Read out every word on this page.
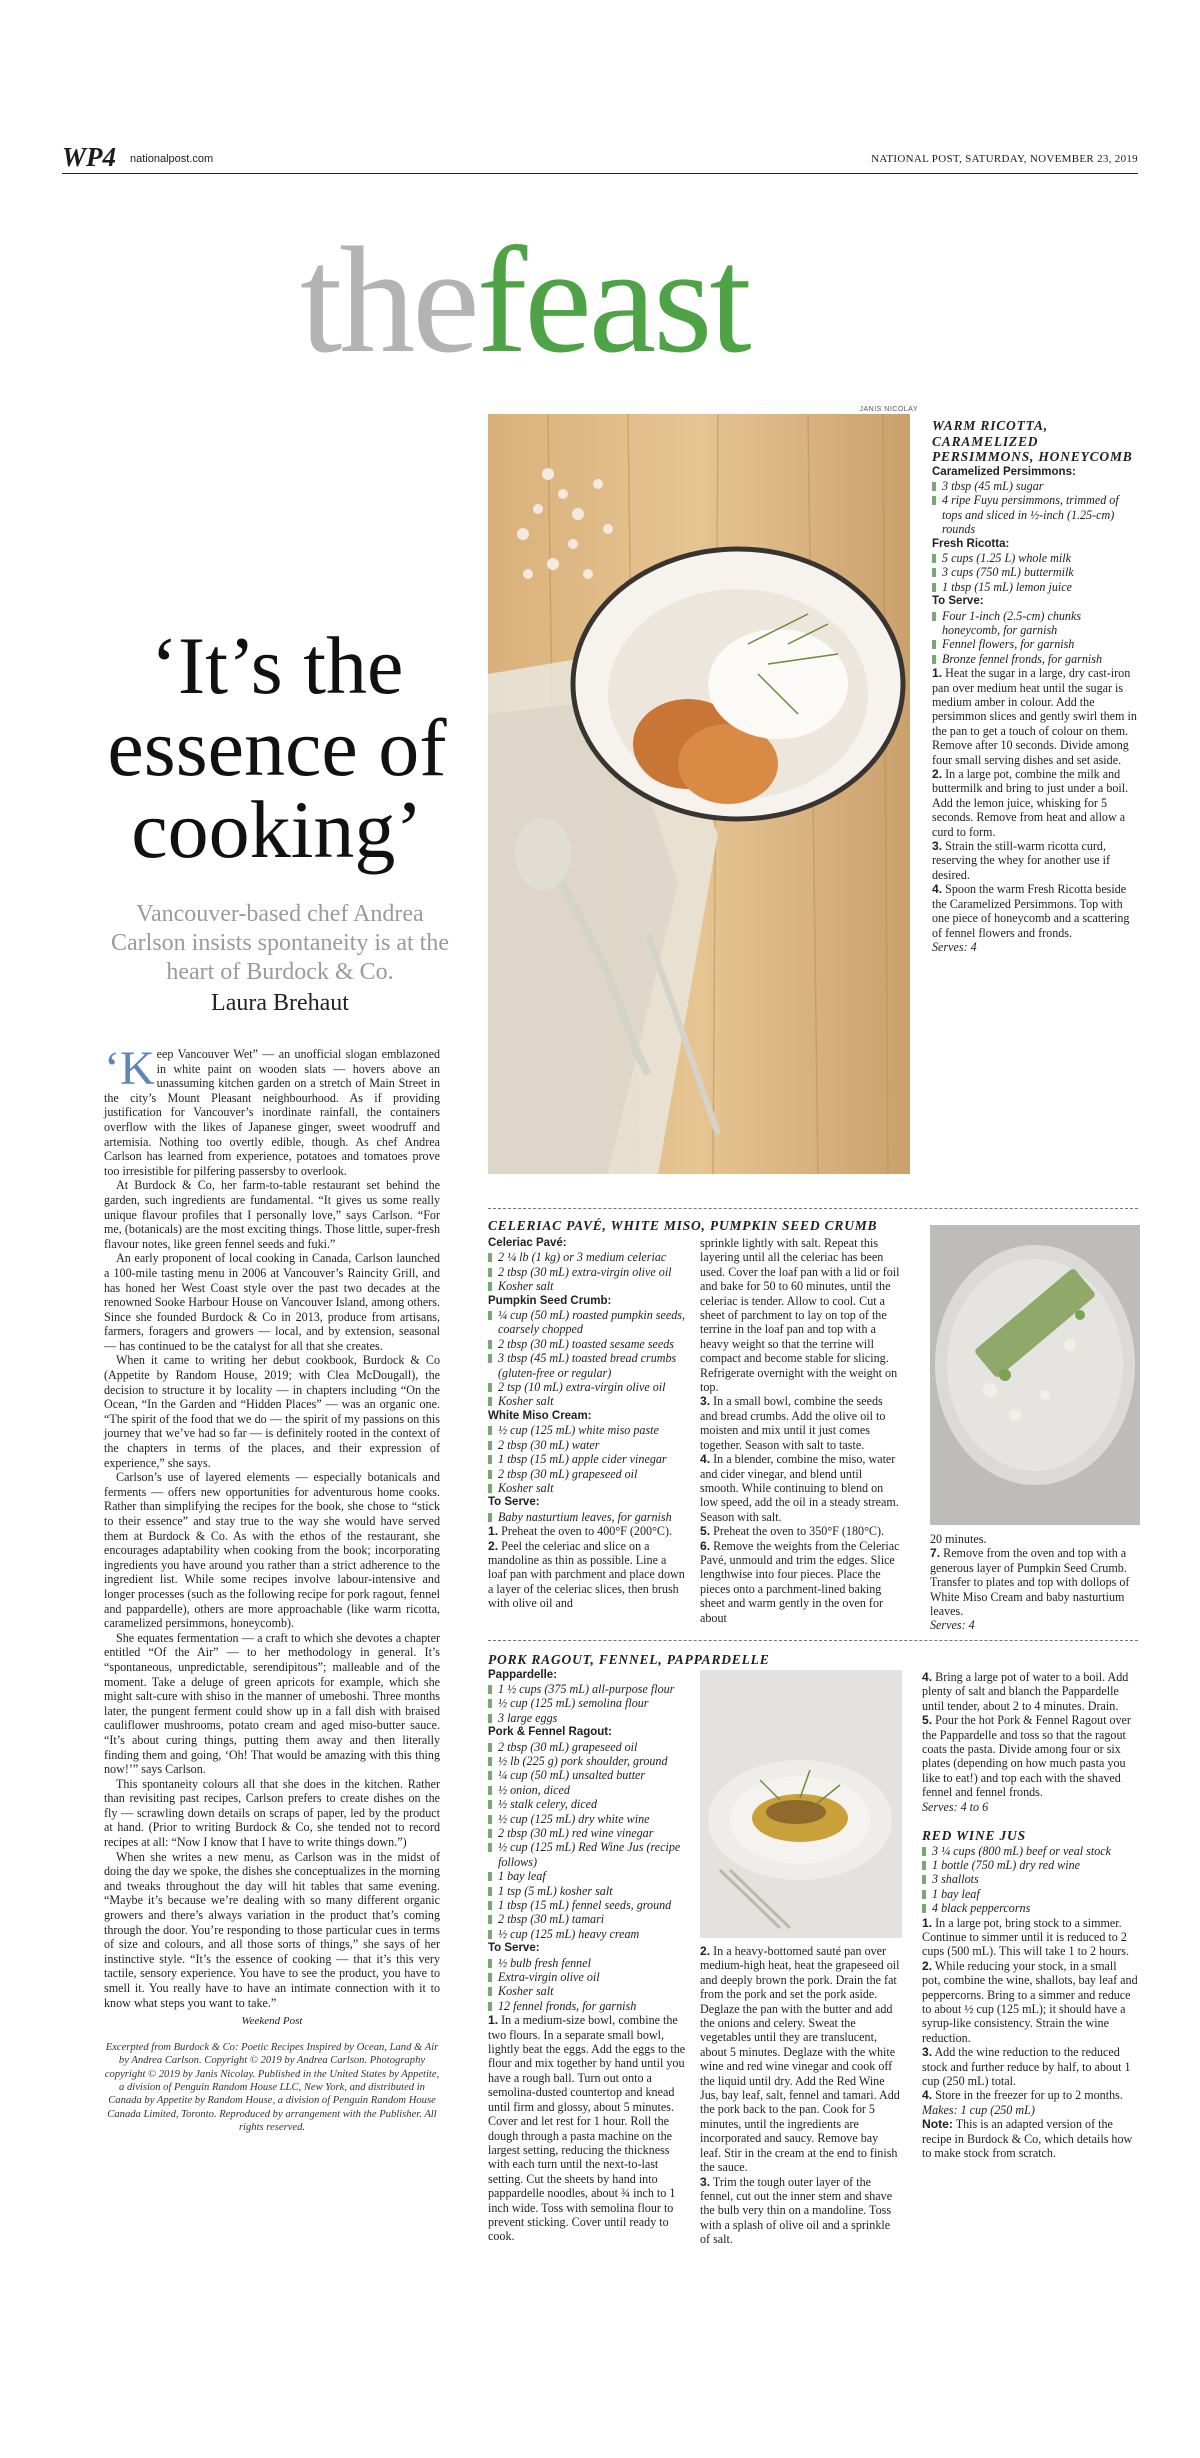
WP4 nationalpost.com	NATIONAL POST, SATURDAY, NOVEMBER 23, 2019
thefeast
JANIS NICOLAY
‘It’s the
essence of
cooking’
Vancouver-based chef Andrea Carlson insists spontaneity is at the heart of Burdock & Co.
Laura Brehaut

‘K eep Vancouver Wet” — an unofficial slogan emblazoned in white paint on wooden slats — hovers above an unassuming kitchen garden on a stretch of Main Street in the city’s Mount Pleasant neighbourhood. As if providing justification for Vancouver’s inordinate rainfall, the containers overflow with the likes of Japanese ginger, sweet woodruff and artemisia. Nothing too overtly edible, though. As chef Andrea Carlson has learned from experience, potatoes and tomatoes prove too irresistible for pilfering passersby to overlook.

At Burdock & Co, her farm-to-table restaurant set behind the garden, such ingredients are fundamental. “It gives us some really unique flavour profiles that I personally love,” says Carlson. “For me, (botanicals) are the most exciting things. Those little, super-fresh flavour notes, like green fennel seeds and fuki.”

An early proponent of local cooking in Canada, Carlson launched a 100-mile tasting menu in 2006 at Vancouver’s Raincity Grill, and has honed her West Coast style over the past two decades at the renowned Sooke Harbour House on Vancouver Island, among others. Since she founded Burdock & Co in 2013, produce from artisans, farmers, foragers and growers — local, and by extension, seasonal — has continued to be the catalyst for all that she creates.

When it came to writing her debut cookbook, Burdock & Co (Appetite by Random House, 2019; with Clea McDougall), the decision to structure it by locality — in chapters including “On the Ocean, “In the Garden and “Hidden Places” — was an organic one. “The spirit of the food that we do — the spirit of my passions on this journey that we’ve had so far — is definitely rooted in the context of the chapters in terms of the places, and their expression of experience,” she says.

Carlson’s use of layered elements — especially botanicals and ferments — offers new opportunities for adventurous home cooks. Rather than simplifying the recipes for the book, she chose to “stick to their essence” and stay true to the way she would have served them at Burdock & Co. As with the ethos of the restaurant, she encourages adaptability when cooking from the book; incorporating ingredients you have around you rather than a strict adherence to the ingredient list. While some recipes involve labour-intensive and longer processes (such as the following recipe for pork ragout, fennel and pappardelle), others are more approachable (like warm ricotta, caramelized persimmons, honeycomb).

She equates fermentation — a craft to which she devotes a chapter entitled “Of the Air” — to her methodology in general. It’s “spontaneous, unpredictable, serendipitous”; malleable and of the moment. Take a deluge of green apricots for example, which she might salt-cure with shiso in the manner of umeboshi. Three months later, the pungent ferment could show up in a fall dish with braised cauliflower mushrooms, potato cream and aged miso-butter sauce. “It’s about curing things, putting them away and then literally finding them and going, ‘Oh! That would be amazing with this thing now!’” says Carlson.

This spontaneity colours all that she does in the kitchen. Rather than revisiting past recipes, Carlson prefers to create dishes on the fly — scrawling down details on scraps of paper, led by the product at hand. (Prior to writing Burdock & Co, she tended not to record recipes at all: “Now I know that I have to write things down.”)

When she writes a new menu, as Carlson was in the midst of doing the day we spoke, the dishes she conceptualizes in the morning and tweaks throughout the day will hit tables that same evening. “Maybe it’s because we’re dealing with so many different organic growers and there’s always variation in the product that’s coming through the door. You’re responding to those particular cues in terms of size and colours, and all those sorts of things,” she says of her instinctive style. “It’s the essence of cooking — that it’s this very tactile, sensory experience. You have to see the product, you have to smell it. You really have to have an intimate connection with it to know what steps you want to take.”

Weekend Post
Excerpted from Burdock & Co: Poetic Recipes Inspired by Ocean, Land & Air by Andrea Carlson. Copyright © 2019 by Andrea Carlson. Photography copyright © 2019 by Janis Nicolay. Published in the United States by Appetite, a division of Penguin Random House LLC, New York, and distributed in Canada by Appetite by Random House, a division of Penguin Random House Canada Limited, Toronto. Reproduced by arrangement with the Publisher. All rights reserved.
WARM RICOTTA, CARAMELIZED PERSIMMONS, HONEYCOMB
Caramelized Persimmons:
3 tbsp (45 mL) sugar
4 ripe Fuyu persimmons, trimmed of tops and sliced in ½-inch (1.25-cm) rounds
Fresh Ricotta:
5 cups (1.25 L) whole milk
3 cups (750 mL) buttermilk
1 tbsp (15 mL) lemon juice
To Serve:
Four 1-inch (2.5-cm) chunks honeycomb, for garnish
Fennel flowers, for garnish
Bronze fennel fronds, for garnish
1. Heat the sugar in a large, dry cast-iron pan over medium heat until the sugar is medium amber in colour. Add the persimmon slices and gently swirl them in the pan to get a touch of colour on them. Remove after 10 seconds. Divide among four small serving dishes and set aside.
2. In a large pot, combine the milk and buttermilk and bring to just under a boil. Add the lemon juice, whisking for 5 seconds. Remove from heat and allow a curd to form.
3. Strain the still-warm ricotta curd, reserving the whey for another use if desired.
4. Spoon the warm Fresh Ricotta beside the Caramelized Persimmons. Top with one piece of honeycomb and a scattering of fennel flowers and fronds.
Serves: 4
CELERIAC PAVÉ, WHITE MISO, PUMPKIN SEED CRUMB
Celeriac Pavé:
2 ¼ lb (1 kg) or 3 medium celeriac
2 tbsp (30 mL) extra-virgin olive oil
Kosher salt
Pumpkin Seed Crumb:
¼ cup (50 mL) roasted pumpkin seeds, coarsely chopped
2 tbsp (30 mL) toasted sesame seeds
3 tbsp (45 mL) toasted bread crumbs (gluten-free or regular)
2 tsp (10 mL) extra-virgin olive oil
Kosher salt
White Miso Cream:
½ cup (125 mL) white miso paste
2 tbsp (30 mL) water
1 tbsp (15 mL) apple cider vinegar
2 tbsp (30 mL) grapeseed oil
Kosher salt
To Serve:
Baby nasturtium leaves, for garnish
1. Preheat the oven to 400°F (200°C).
2. Peel the celeriac and slice on a mandoline as thin as possible. Line a loaf pan with parchment and place down a layer of the celeriac slices, then brush with olive oil and
sprinkle lightly with salt. Repeat this layering until all the celeriac has been used. Cover the loaf pan with a lid or foil and bake for 50 to 60 minutes, until the celeriac is tender. Allow to cool. Cut a sheet of parchment to lay on top of the terrine in the loaf pan and top with a heavy weight so that the terrine will compact and become stable for slicing. Refrigerate overnight with the weight on top.
3. In a small bowl, combine the seeds and bread crumbs. Add the olive oil to moisten and mix until it just comes together. Season with salt to taste.
4. In a blender, combine the miso, water and cider vinegar, and blend until smooth. While continuing to blend on low speed, add the oil in a steady stream. Season with salt.
5. Preheat the oven to 350°F (180°C).
6. Remove the weights from the Celeriac Pavé, unmould and trim the edges. Slice lengthwise into four pieces. Place the pieces onto a parchment-lined baking sheet and warm gently in the oven for about
20 minutes.
7. Remove from the oven and top with a generous layer of Pumpkin Seed Crumb. Transfer to plates and top with dollops of White Miso Cream and baby nasturtium leaves.
Serves: 4
PORK RAGOUT, FENNEL, PAPPARDELLE
Pappardelle:
1 ½ cups (375 mL) all-purpose flour
½ cup (125 mL) semolina flour
3 large eggs
Pork & Fennel Ragout:
2 tbsp (30 mL) grapeseed oil
½ lb (225 g) pork shoulder, ground
¼ cup (50 mL) unsalted butter
½ onion, diced
½ stalk celery, diced
½ cup (125 mL) dry white wine
2 tbsp (30 mL) red wine vinegar
½ cup (125 mL) Red Wine Jus (recipe follows)
1 bay leaf
1 tsp (5 mL) kosher salt
1 tbsp (15 mL) fennel seeds, ground
2 tbsp (30 mL) tamari
½ cup (125 mL) heavy cream
To Serve:
½ bulb fresh fennel
Extra-virgin olive oil
Kosher salt
12 fennel fronds, for garnish
1. In a medium-size bowl, combine the two flours. In a separate small bowl, lightly beat the eggs. Add the eggs to the flour and mix together by hand until you have a rough ball. Turn out onto a semolina-dusted countertop and knead until firm and glossy, about 5 minutes. Cover and let rest for 1 hour. Roll the dough through a pasta machine on the largest setting, reducing the thickness with each turn until the next-to-last setting. Cut the sheets by hand into pappardelle noodles, about ¾ inch to 1 inch wide. Toss with semolina flour to prevent sticking. Cover until ready to cook.
2. In a heavy-bottomed sauté pan over medium-high heat, heat the grapeseed oil and deeply brown the pork. Drain the fat from the pork and set the pork aside. Deglaze the pan with the butter and add the onions and celery. Sweat the vegetables until they are translucent, about 5 minutes. Deglaze with the white wine and red wine vinegar and cook off the liquid until dry. Add the Red Wine Jus, bay leaf, salt, fennel and tamari. Add the pork back to the pan. Cook for 5 minutes, until the ingredients are incorporated and saucy. Remove bay leaf. Stir in the cream at the end to finish the sauce.
3. Trim the tough outer layer of the fennel, cut out the inner stem and shave the bulb very thin on a mandoline. Toss with a splash of olive oil and a sprinkle of salt.
4. Bring a large pot of water to a boil. Add plenty of salt and blanch the Pappardelle until tender, about 2 to 4 minutes. Drain.
5. Pour the hot Pork & Fennel Ragout over the Pappardelle and toss so that the ragout coats the pasta. Divide among four or six plates (depending on how much pasta you like to eat!) and top each with the shaved fennel and fennel fronds.
Serves: 4 to 6
RED WINE JUS
3 ¼ cups (800 mL) beef or veal stock
1 bottle (750 mL) dry red wine
3 shallots
1 bay leaf
4 black peppercorns
1. In a large pot, bring stock to a simmer. Continue to simmer until it is reduced to 2 cups (500 mL). This will take 1 to 2 hours.
2. While reducing your stock, in a small pot, combine the wine, shallots, bay leaf and peppercorns. Bring to a simmer and reduce to about ½ cup (125 mL); it should have a syrup-like consistency. Strain the wine reduction.
3. Add the wine reduction to the reduced stock and further reduce by half, to about 1 cup (250 mL) total.
4. Store in the freezer for up to 2 months.
Makes: 1 cup (250 mL)
Note: This is an adapted version of the recipe in Burdock & Co, which details how to make stock from scratch.
